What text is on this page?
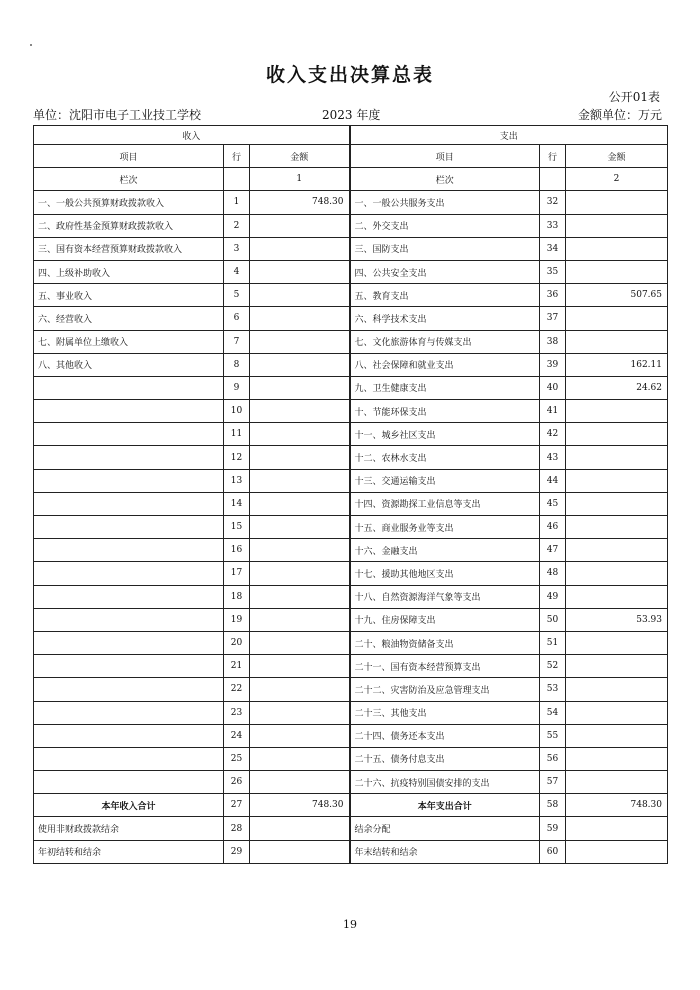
收入支出决算总表
公开01表
单位：沈阳市电子工业技工学校	2023 年度	金额单位：万元
收入			支出		
项目	行	金额	项目	行	金额
栏次		1	栏次		2
一、一般公共预算财政拨款收入	1	748.30	一、一般公共服务支出	32	
二、政府性基金预算财政拨款收入	2		二、外交支出	33	
三、国有资本经营预算财政拨款收入	3		三、国防支出	34	
四、上级补助收入	4		四、公共安全支出	35	
五、事业收入	5		五、教育支出	36	507.65
六、经营收入	6		六、科学技术支出	37	
七、附属单位上缴收入	7		七、文化旅游体育与传媒支出	38	
八、其他收入	8		八、社会保障和就业支出	39	162.11
	9		九、卫生健康支出	40	24.62
	10		十、节能环保支出	41	
	11		十一、城乡社区支出	42	
	12		十二、农林水支出	43	
	13		十三、交通运输支出	44	
	14		十四、资源勘探工业信息等支出	45	
	15		十五、商业服务业等支出	46	
	16		十六、金融支出	47	
	17		十七、援助其他地区支出	48	
	18		十八、自然资源海洋气象等支出	49	
	19		十九、住房保障支出	50	53.93
	20		二十、粮油物资储备支出	51	
	21		二十一、国有资本经营预算支出	52	
	22		二十二、灾害防治及应急管理支出	53	
	23		二十三、其他支出	54	
	24		二十四、债务还本支出	55	
	25		二十五、债务付息支出	56	
	26		二十六、抗疫特别国债安排的支出	57	
本年收入合计	27	748.30	本年支出合计	58	748.30
使用非财政拨款结余	28		结余分配	59	
年初结转和结余	29		年末结转和结余	60	
19
